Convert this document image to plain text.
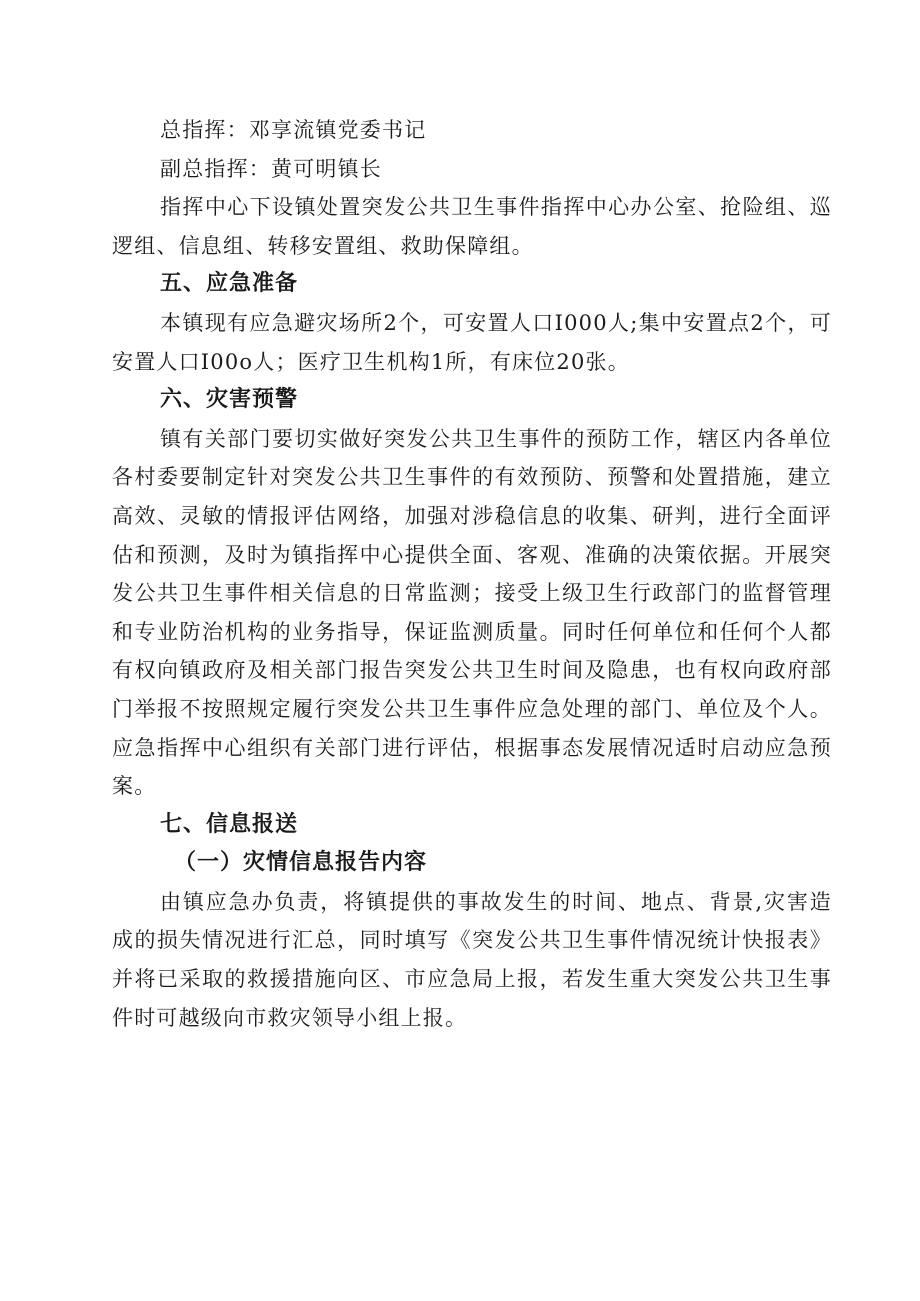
总指挥：邓享流镇党委书记

副总指挥：黄可明镇长

指挥中心下设镇处置突发公共卫生事件指挥中心办公室、抢险组、巡逻组、信息组、转移安置组、救助保障组。

五、应急准备

本镇现有应急避灾场所2个，可安置人口I000人;集中安置点2个，可安置人口I00o人；医疗卫生机构1所，有床位20张。

六、灾害预警

镇有关部门要切实做好突发公共卫生事件的预防工作，辖区内各单位各村委要制定针对突发公共卫生事件的有效预防、预警和处置措施，建立高效、灵敏的情报评估网络，加强对涉稳信息的收集、研判，进行全面评估和预测，及时为镇指挥中心提供全面、客观、准确的决策依据。开展突发公共卫生事件相关信息的日常监测；接受上级卫生行政部门的监督管理和专业防治机构的业务指导，保证监测质量。同时任何单位和任何个人都有权向镇政府及相关部门报告突发公共卫生时间及隐患，也有权向政府部门举报不按照规定履行突发公共卫生事件应急处理的部门、单位及个人。应急指挥中心组织有关部门进行评估，根据事态发展情况适时启动应急预案。

七、信息报送

（一）灾情信息报告内容

由镇应急办负责，将镇提供的事故发生的时间、地点、背景,灾害造成的损失情况进行汇总，同时填写《突发公共卫生事件情况统计快报表》并将已采取的救援措施向区、市应急局上报，若发生重大突发公共卫生事件时可越级向市救灾领导小组上报。
